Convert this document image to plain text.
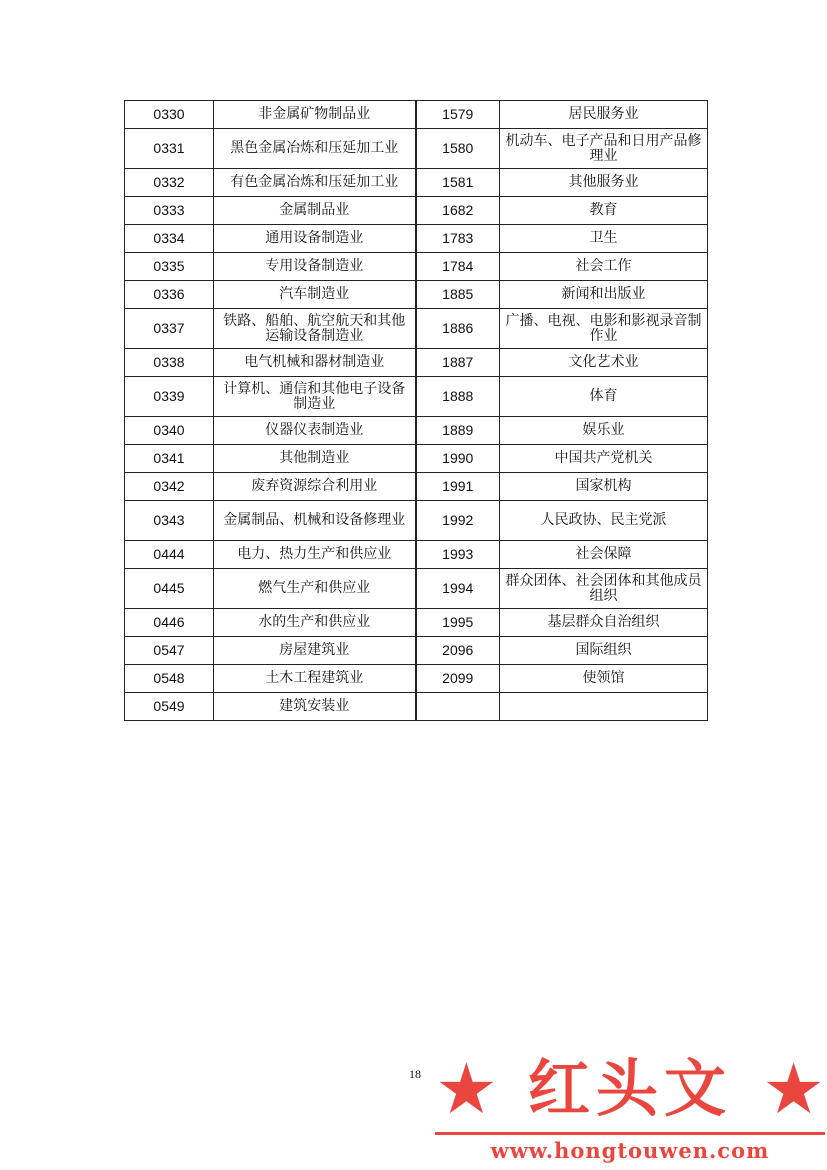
0330	非金属矿物制品业	1579	居民服务业
0331	黑色金属冶炼和压延加工业	1580	机动车、电子产品和日用产品修理业
0332	有色金属冶炼和压延加工业	1581	其他服务业
0333	金属制品业	1682	教育
0334	通用设备制造业	1783	卫生
0335	专用设备制造业	1784	社会工作
0336	汽车制造业	1885	新闻和出版业
0337	铁路、船舶、航空航天和其他运输设备制造业	1886	广播、电视、电影和影视录音制作业
0338	电气机械和器材制造业	1887	文化艺术业
0339	计算机、通信和其他电子设备制造业	1888	体育
0340	仪器仪表制造业	1889	娱乐业
0341	其他制造业	1990	中国共产党机关
0342	废弃资源综合利用业	1991	国家机构
0343	金属制品、机械和设备修理业	1992	人民政协、民主党派
0444	电力、热力生产和供应业	1993	社会保障
0445	燃气生产和供应业	1994	群众团体、社会团体和其他成员组织
0446	水的生产和供应业	1995	基层群众自治组织
0547	房屋建筑业	2096	国际组织
0548	土木工程建筑业	2099	使领馆
0549	建筑安装业		
18 ★ 红头文 ★
www.hongtouwen.com
